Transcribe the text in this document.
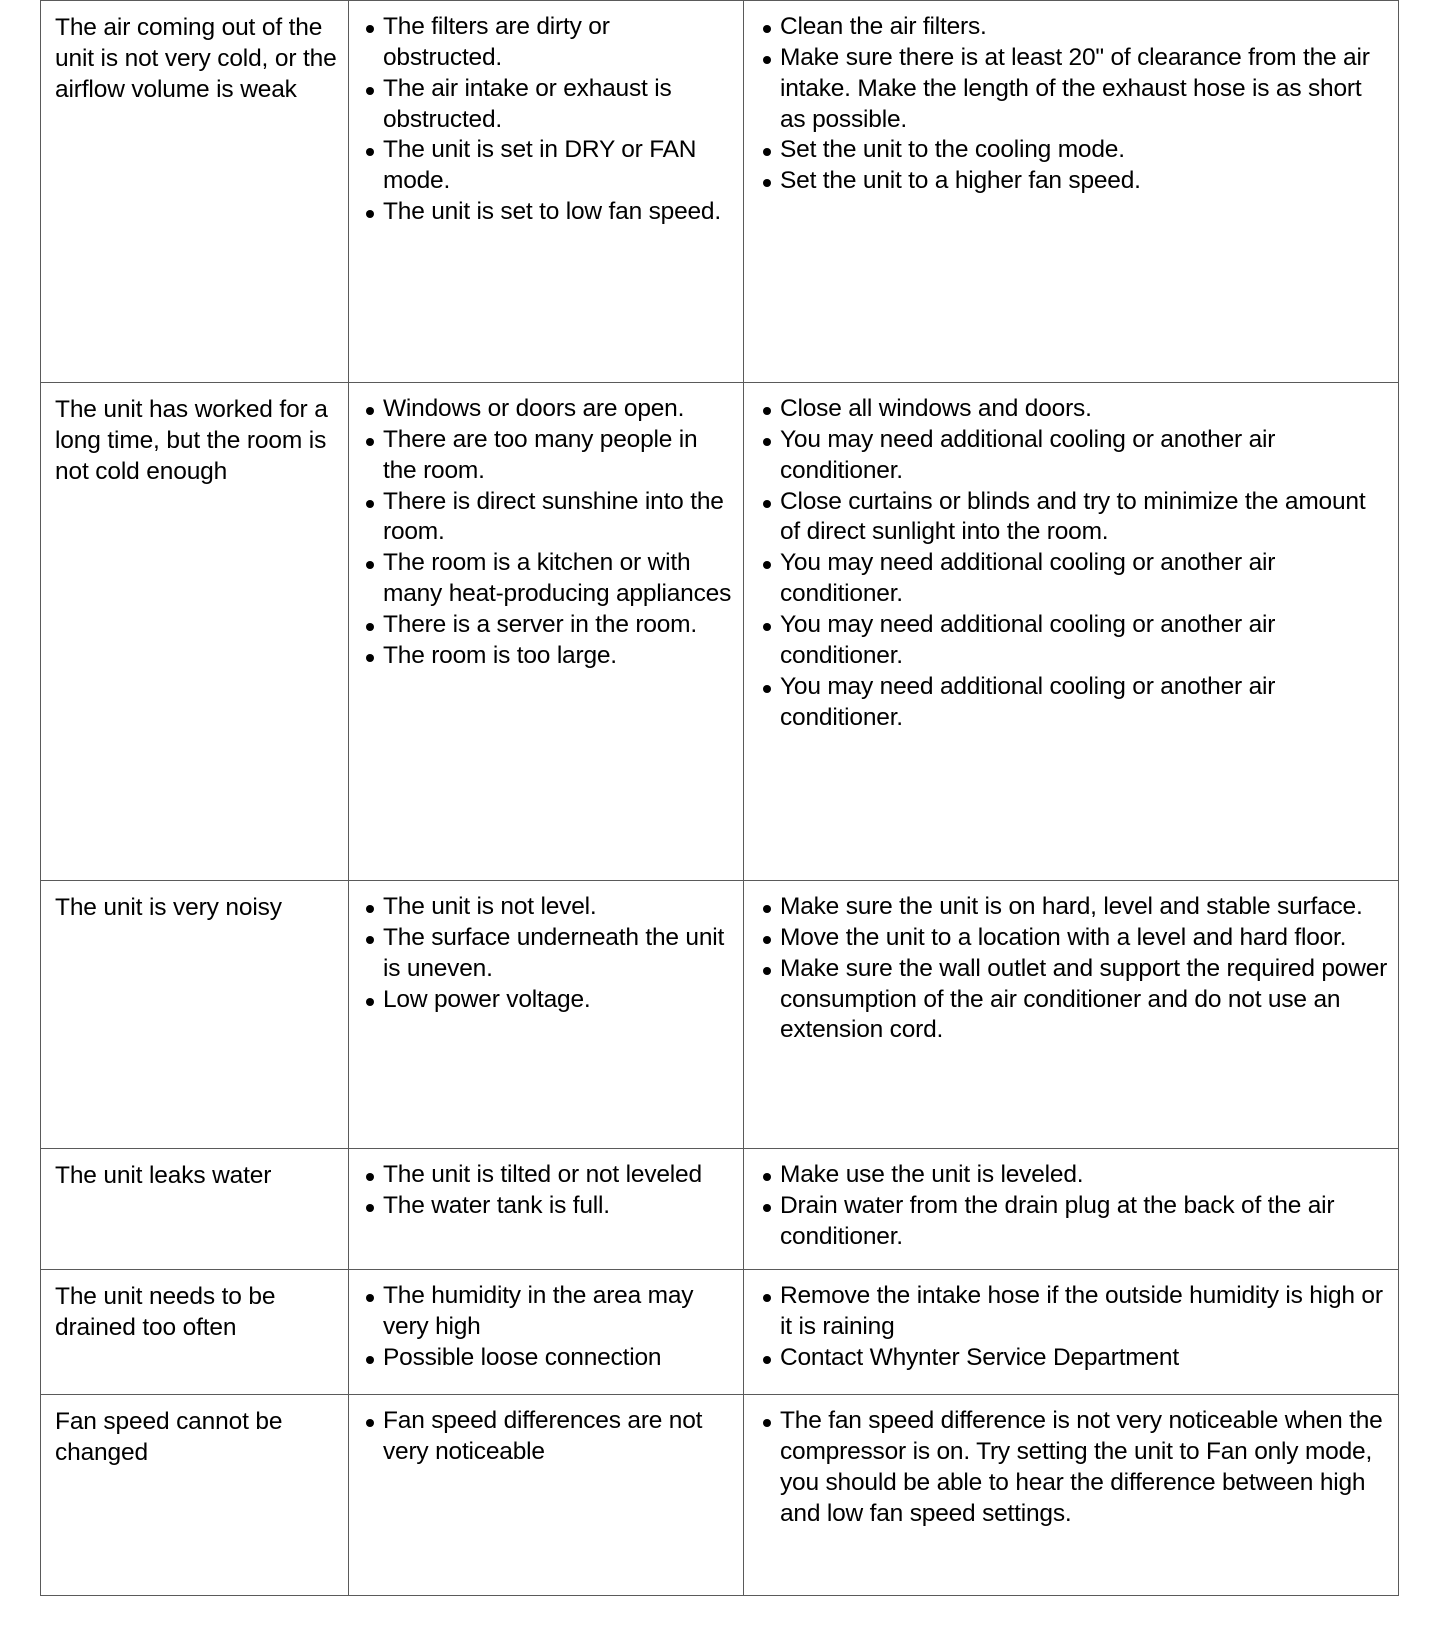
The air coming out of the unit is not very cold, or the airflow volume is weak

The filters are dirty or obstructed.
The air intake or exhaust is obstructed.
The unit is set in DRY or FAN mode.
The unit is set to low fan speed.

Clean the air filters.
Make sure there is at least 20" of clearance from the air intake. Make the length of the exhaust hose is as short as possible.
Set the unit to the cooling mode.
Set the unit to a higher fan speed.

The unit has worked for a long time, but the room is not cold enough

Windows or doors are open.
There are too many people in the room.
There is direct sunshine into the room.
The room is a kitchen or with many heat-producing appliances
There is a server in the room.
The room is too large.

Close all windows and doors.
You may need additional cooling or another air conditioner.
Close curtains or blinds and try to minimize the amount of direct sunlight into the room.
You may need additional cooling or another air conditioner.
You may need additional cooling or another air conditioner.
You may need additional cooling or another air conditioner.

The unit is very noisy	The unit is not level.
The surface underneath the unit is uneven.
Low power voltage.

Make sure the unit is on hard, level and stable surface.
Move the unit to a location with a level and hard floor.
Make sure the wall outlet and support the required power consumption of the air conditioner and do not use an extension cord.

The unit leaks water	The unit is tilted or not leveled
The water tank is full.

Make use the unit is leveled.
Drain water from the drain plug at the back of the air conditioner.

The unit needs to be drained too often

The humidity in the area may very high
Possible loose connection

Remove the intake hose if the outside humidity is high or it is raining
Contact Whynter Service Department

Fan speed cannot be changed

Fan speed differences are not very noticeable

The fan speed difference is not very noticeable when the compressor is on. Try setting the unit to Fan only mode, you should be able to hear the difference between high and low fan speed settings.
